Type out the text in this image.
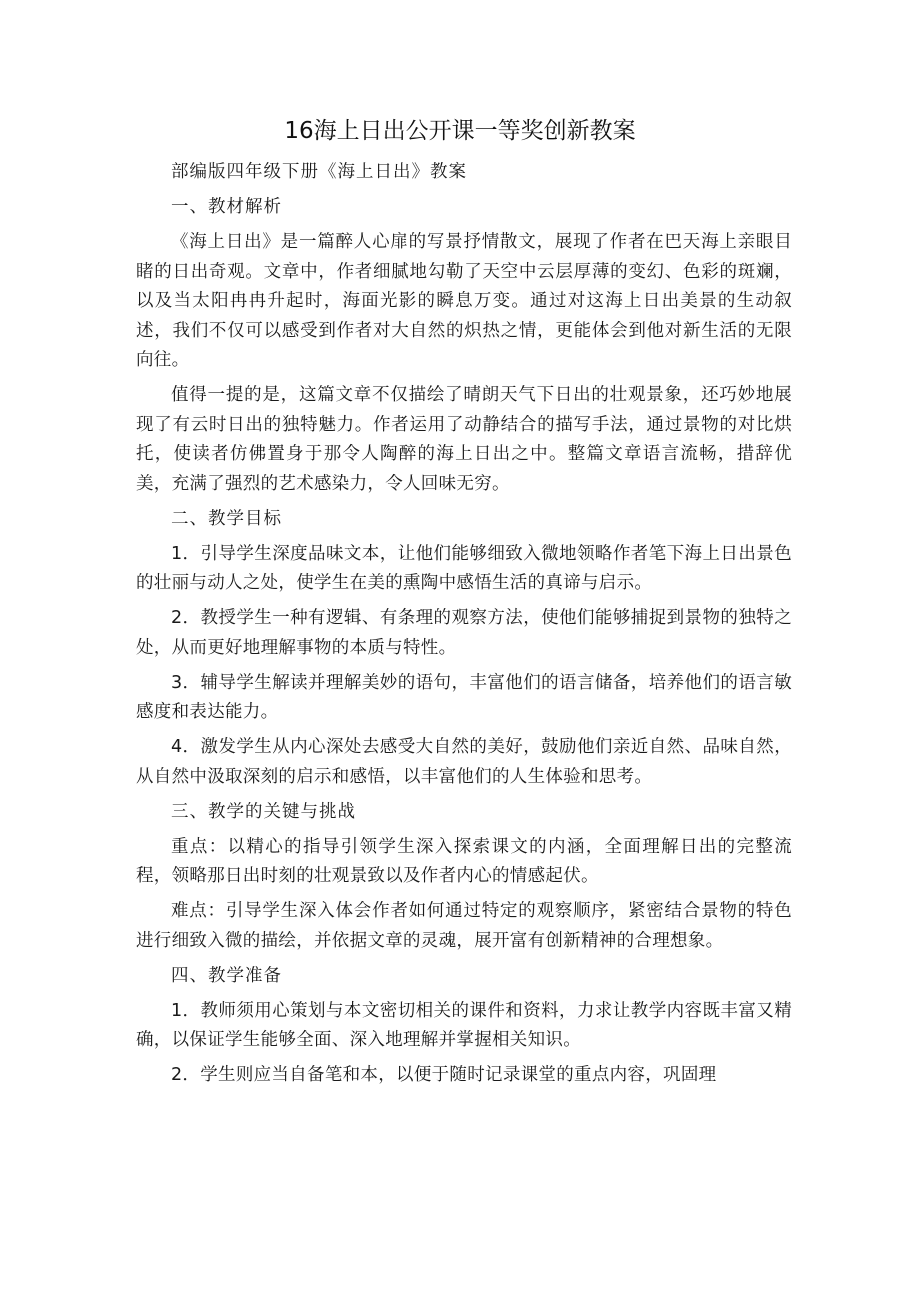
16海上日出公开课一等奖创新教案

部编版四年级下册《海上日出》教案

一、教材解析

《海上日出》是一篇醉人心扉的写景抒情散文，展现了作者在巴天海上亲眼目睹的日出奇观。文章中，作者细腻地勾勒了天空中云层厚薄的变幻、色彩的斑斓，以及当太阳冉冉升起时，海面光影的瞬息万变。通过对这海上日出美景的生动叙述，我们不仅可以感受到作者对大自然的炽热之情，更能体会到他对新生活的无限向往。

值得一提的是，这篇文章不仅描绘了晴朗天气下日出的壮观景象，还巧妙地展现了有云时日出的独特魅力。作者运用了动静结合的描写手法，通过景物的对比烘托，使读者仿佛置身于那令人陶醉的海上日出之中。整篇文章语言流畅，措辞优美，充满了强烈的艺术感染力，令人回味无穷。

二、教学目标

1．引导学生深度品味文本，让他们能够细致入微地领略作者笔下海上日出景色的壮丽与动人之处，使学生在美的熏陶中感悟生活的真谛与启示。

2．教授学生一种有逻辑、有条理的观察方法，使他们能够捕捉到景物的独特之处，从而更好地理解事物的本质与特性。

3．辅导学生解读并理解美妙的语句，丰富他们的语言储备，培养他们的语言敏感度和表达能力。

4．激发学生从内心深处去感受大自然的美好，鼓励他们亲近自然、品味自然，从自然中汲取深刻的启示和感悟，以丰富他们的人生体验和思考。

三、教学的关键与挑战

重点：以精心的指导引领学生深入探索课文的内涵，全面理解日出的完整流程，领略那日出时刻的壮观景致以及作者内心的情感起伏。

难点：引导学生深入体会作者如何通过特定的观察顺序，紧密结合景物的特色进行细致入微的描绘，并依据文章的灵魂，展开富有创新精神的合理想象。

四、教学准备

1．教师须用心策划与本文密切相关的课件和资料，力求让教学内容既丰富又精确，以保证学生能够全面、深入地理解并掌握相关知识。

2．学生则应当自备笔和本，以便于随时记录课堂的重点内容，巩固理
